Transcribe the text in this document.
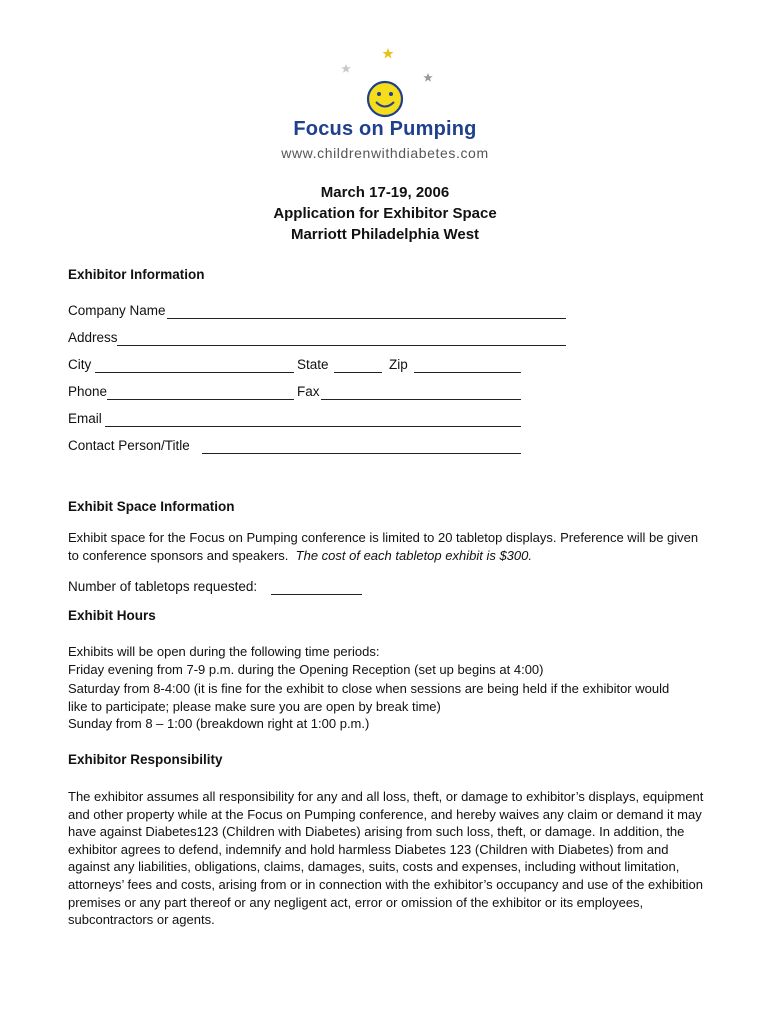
Focus on Pumping
www.childrenwithdiabetes.com
March 17-19, 2006
Application for Exhibitor Space
Marriott Philadelphia West
Exhibitor Information
Company Name
Address
City	State	Zip
Phone	Fax
Email
Contact Person/Title
Exhibit Space Information
Exhibit space for the Focus on Pumping conference is limited to 20 tabletop displays. Preference will be given to conference sponsors and speakers. The cost of each tabletop exhibit is $300.
Number of tabletops requested:
Exhibit Hours
Exhibits will be open during the following time periods:
Friday evening from 7-9 p.m. during the Opening Reception (set up begins at 4:00)
Saturday from 8-4:00 (it is fine for the exhibit to close when sessions are being held if the exhibitor would like to participate; please make sure you are open by break time)
Sunday from 8 – 1:00 (breakdown right at 1:00 p.m.)
Exhibitor Responsibility
The exhibitor assumes all responsibility for any and all loss, theft, or damage to exhibitor’s displays, equipment and other property while at the Focus on Pumping conference, and hereby waives any claim or demand it may have against Diabetes123 (Children with Diabetes) arising from such loss, theft, or damage. In addition, the exhibitor agrees to defend, indemnify and hold harmless Diabetes 123 (Children with Diabetes) from and against any liabilities, obligations, claims, damages, suits, costs and expenses, including without limitation, attorneys’ fees and costs, arising from or in connection with the exhibitor’s occupancy and use of the exhibition premises or any part thereof or any negligent act, error or omission of the exhibitor or its employees, subcontractors or agents.
